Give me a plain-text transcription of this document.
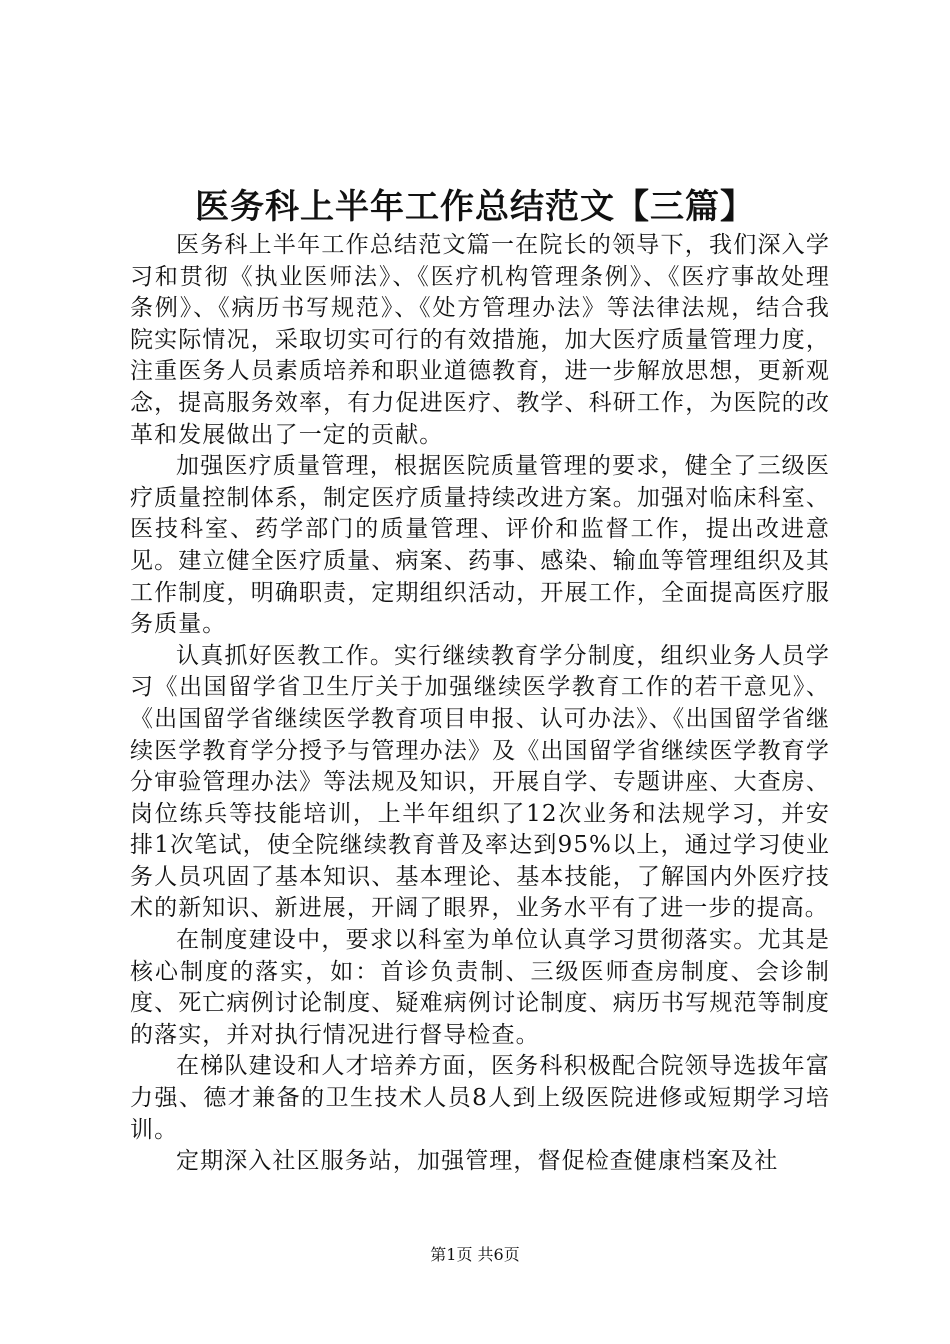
医务科上半年工作总结范文【三篇】

医务科上半年工作总结范文篇一在院长的领导下，我们深入学习和贯彻《执业医师法》、《医疗机构管理条例》、《医疗事故处理条例》、《病历书写规范》、《处方管理办法》等法律法规，结合我院实际情况，采取切实可行的有效措施，加大医疗质量管理力度，注重医务人员素质培养和职业道德教育，进一步解放思想，更新观念，提高服务效率，有力促进医疗、教学、科研工作，为医院的改革和发展做出了一定的贡献。

加强医疗质量管理，根据医院质量管理的要求，健全了三级医疗质量控制体系，制定医疗质量持续改进方案。加强对临床科室、医技科室、药学部门的质量管理、评价和监督工作，提出改进意见。建立健全医疗质量、病案、药事、感染、输血等管理组织及其工作制度，明确职责，定期组织活动，开展工作，全面提高医疗服务质量。

认真抓好医教工作。实行继续教育学分制度，组织业务人员学习《出国留学省卫生厅关于加强继续医学教育工作的若干意见》、《出国留学省继续医学教育项目申报、认可办法》、《出国留学省继续医学教育学分授予与管理办法》及《出国留学省继续医学教育学分审验管理办法》等法规及知识，开展自学、专题讲座、大查房、岗位练兵等技能培训，上半年组织了12次业务和法规学习，并安排1次笔试，使全院继续教育普及率达到95%以上，通过学习使业务人员巩固了基本知识、基本理论、基本技能，了解国内外医疗技术的新知识、新进展，开阔了眼界，业务水平有了进一步的提高。

在制度建设中，要求以科室为单位认真学习贯彻落实。尤其是核心制度的落实，如：首诊负责制、三级医师查房制度、会诊制度、死亡病例讨论制度、疑难病例讨论制度、病历书写规范等制度的落实，并对执行情况进行督导检查。

在梯队建设和人才培养方面，医务科积极配合院领导选拔年富力强、德才兼备的卫生技术人员8人到上级医院进修或短期学习培训。

定期深入社区服务站，加强管理，督促检查健康档案及社

第1页 共6页
